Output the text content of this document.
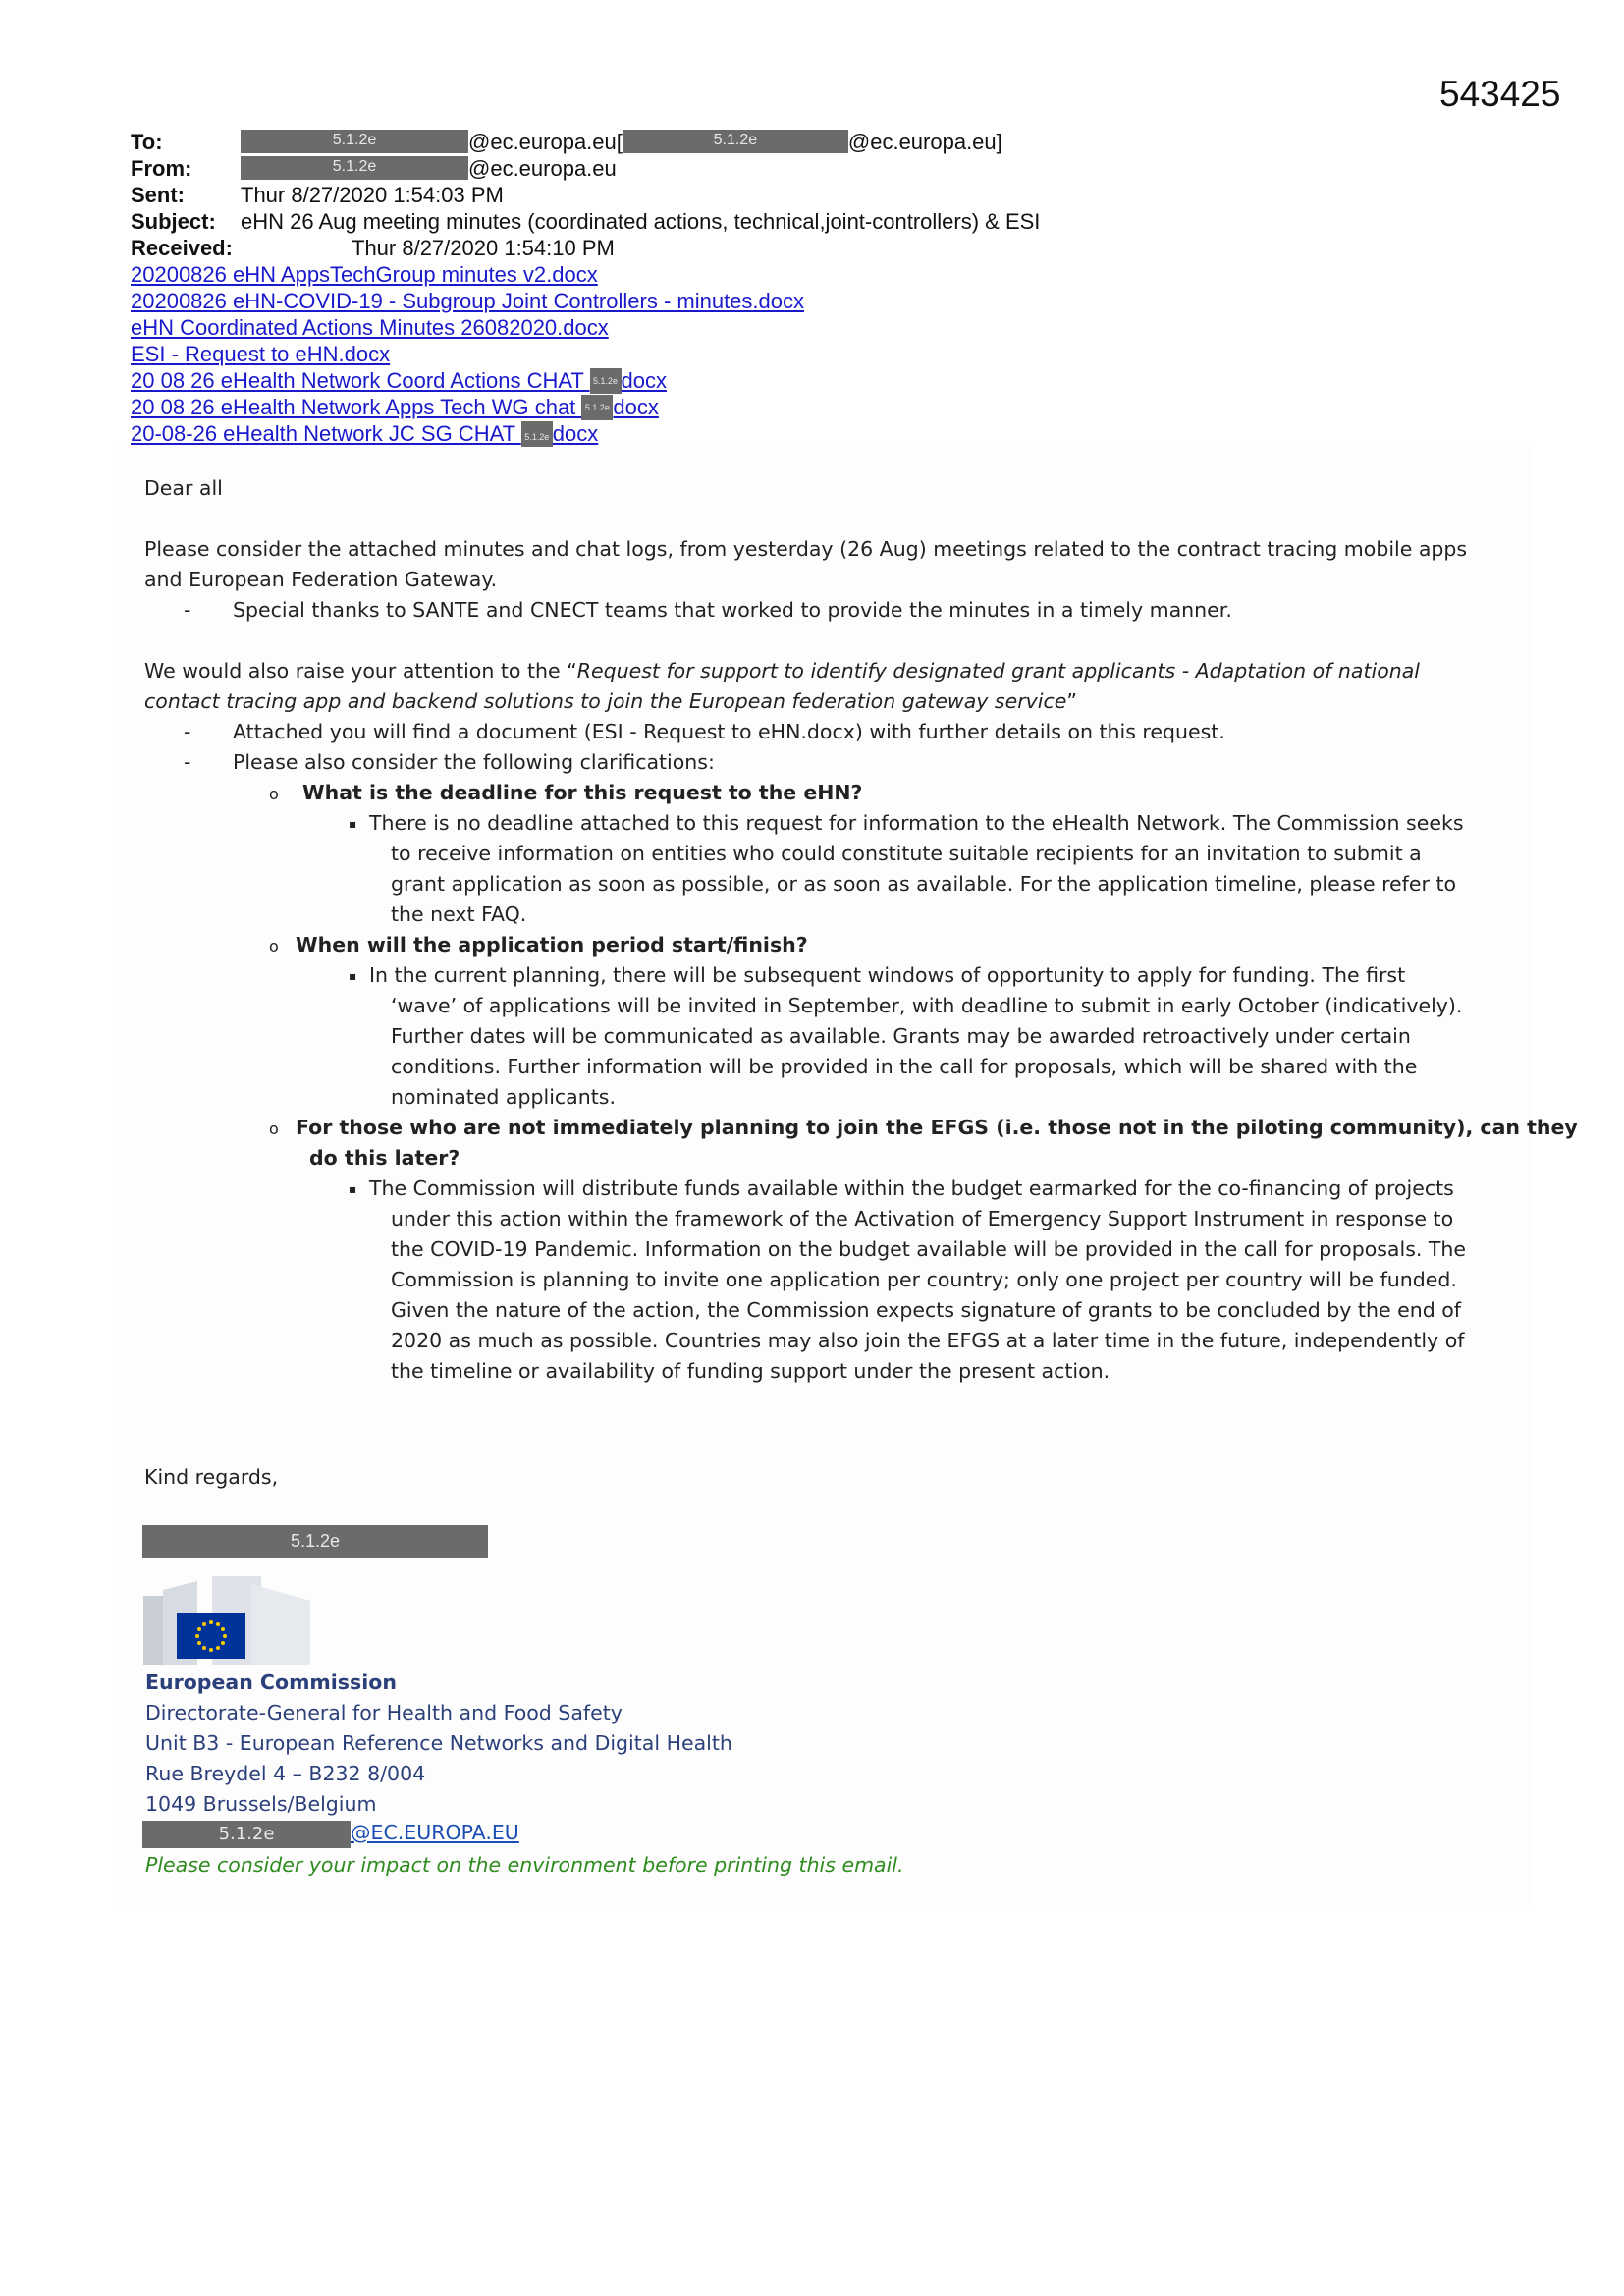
543425
To:	5.1.2e	@ec.europa.eu[	5.1.2e	@ec.europa.eu]
From:	5.1.2e	@ec.europa.eu
Sent:	Thur 8/27/2020 1:54:03 PM
Subject: eHN 26 Aug meeting minutes (coordinated actions, technical,joint-controllers) & ESI
Received:	Thur 8/27/2020 1:54:10 PM
20200826 eHN AppsTechGroup minutes v2.docx
20200826 eHN-COVID-19 - Subgroup Joint Controllers - minutes.docx
eHN Coordinated Actions Minutes 26082020.docx
ESI - Request to eHN.docx
20 08 26 eHealth Network Coord Actions CHAT 5.1.2e docx
20 08 26 eHealth Network Apps Tech WG chat 5.1.2e docx
20-08-26 eHealth Network JC SG CHAT 5.1.2e docx
Dear all
Please consider the attached minutes and chat logs, from yesterday (26 Aug) meetings related to the contract tracing mobile apps
and European Federation Gateway.
- Special thanks to SANTE and CNECT teams that worked to provide the minutes in a timely manner.
We would also raise your attention to the “Request for support to identify designated grant applicants - Adaptation of national
contact tracing app and backend solutions to join the European federation gateway service”
- Attached you will find a document (ESI - Request to eHN.docx) with further details on this request.
- Please also consider the following clarifications:
o What is the deadline for this request to the eHN?
▪ There is no deadline attached to this request for information to the eHealth Network. The Commission seeks
to receive information on entities who could constitute suitable recipients for an invitation to submit a
grant application as soon as possible, or as soon as available. For the application timeline, please refer to
the next FAQ.
o When will the application period start/finish?
▪ In the current planning, there will be subsequent windows of opportunity to apply for funding. The first
‘wave’ of applications will be invited in September, with deadline to submit in early October (indicatively).
Further dates will be communicated as available. Grants may be awarded retroactively under certain
conditions. Further information will be provided in the call for proposals, which will be shared with the
nominated applicants.
o For those who are not immediately planning to join the EFGS (i.e. those not in the piloting community), can they
do this later?
▪ The Commission will distribute funds available within the budget earmarked for the co-financing of projects
under this action within the framework of the Activation of Emergency Support Instrument in response to
the COVID-19 Pandemic. Information on the budget available will be provided in the call for proposals. The
Commission is planning to invite one application per country; only one project per country will be funded.
Given the nature of the action, the Commission expects signature of grants to be concluded by the end of
2020 as much as possible. Countries may also join the EFGS at a later time in the future, independently of
the timeline or availability of funding support under the present action.
Kind regards,
5.1.2e
European Commission
Directorate-General for Health and Food Safety
Unit B3 - European Reference Networks and Digital Health
Rue Breydel 4 – B232 8/004
1049 Brussels/Belgium
5.1.2e	@EC.EUROPA.EU
Please consider your impact on the environment before printing this email.
